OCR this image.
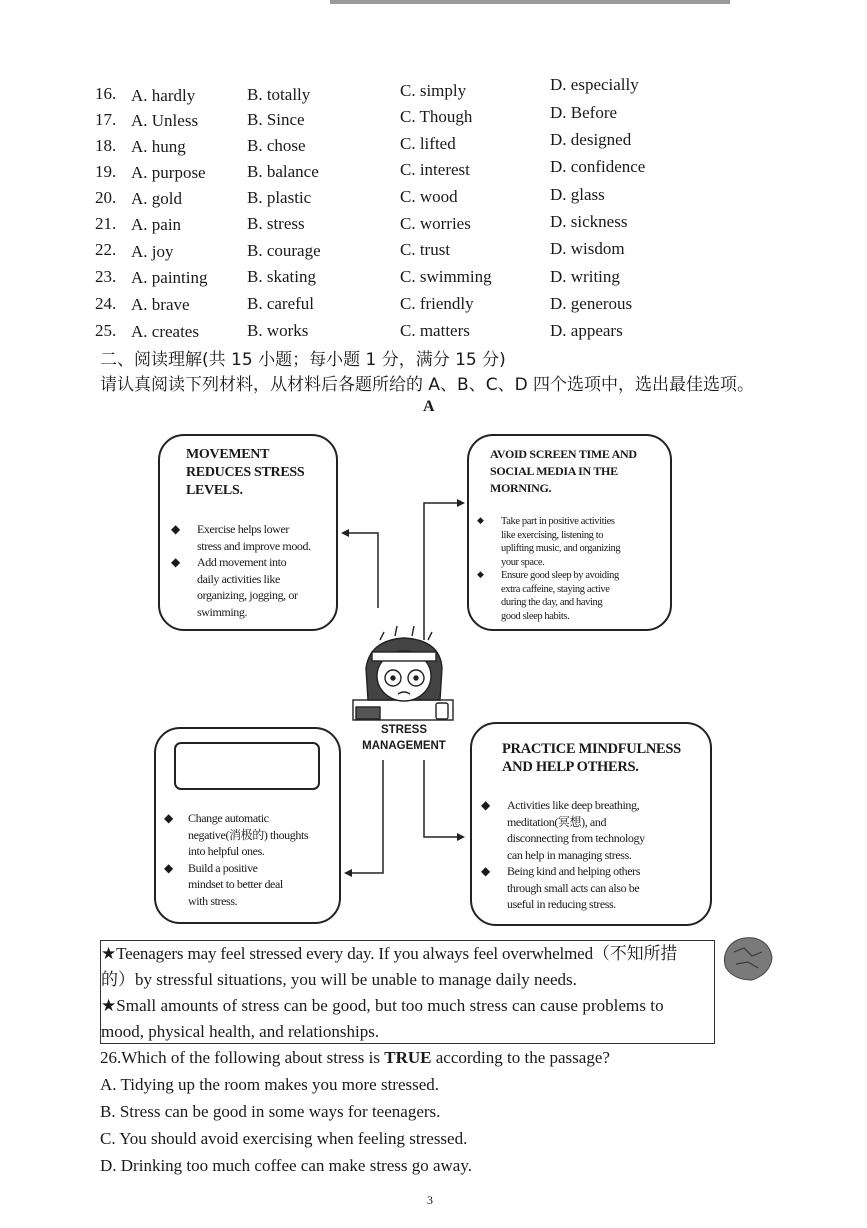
16. A. hardly	B. totally	C. simply	D. especially
17. A. Unless	B. Since	C. Though	D. Before
18. A. hung	B. chose	C. lifted	D. designed
19. A. purpose B. balance	C. interest	D. confidence
20. A. gold	B. plastic	C. wood	D. glass
21. A. pain	B. stress	C. worries	D. sickness
22. A. joy	B. courage	C. trust	D. wisdom
23. A. painting B. skating	C. swimming	D. writing
24. A. brave	B. careful	C. friendly	D. generous
25. A. creates	B. works	C. matters	D. appears
二、阅读理解(共 15 小题；每小题 1 分，满分 15 分)
请认真阅读下列材料，从材料后各题所给的 A、B、C、D 四个选项中，选出最佳选项。
A
MOVEMENT
REDUCES STRESS
LEVELS.
◆ Exercise helps lower
stress and improve mood.
◆ Add movement into
daily activities like
organizing, jogging, or
swimming.
AVOID SCREEN TIME AND
SOCIAL MEDIA IN THE
MORNING.
◆ Take part in positive activities
like exercising, listening to
uplifting music, and organizing
your space.
◆ Ensure good sleep by avoiding
extra caffeine, staying active
during the day, and having
good sleep habits.
◆ Change automatic
negative(消极的) thoughts
into helpful ones.
◆ Build a positive
mindset to better deal
with stress.
PRACTICE MINDFULNESS
AND HELP OTHERS.
◆ Activities like deep breathing,
meditation(冥想), and
disconnecting from technology
can help in managing stress.
◆ Being kind and helping others
through small acts can also be
useful in reducing stress.
STRESS
MANAGEMENT
★Teenagers may feel stressed every day. If you always feel overwhelmed（不知所措
的）by stressful situations, you will be unable to manage daily needs.
★Small amounts of stress can be good, but too much stress can cause problems to
mood, physical health, and relationships.
26.Which of the following about stress is TRUE according to the passage?
A. Tidying up the room makes you more stressed.
B. Stress can be good in some ways for teenagers.
C. You should avoid exercising when feeling stressed.
D. Drinking too much coffee can make stress go away.
3
